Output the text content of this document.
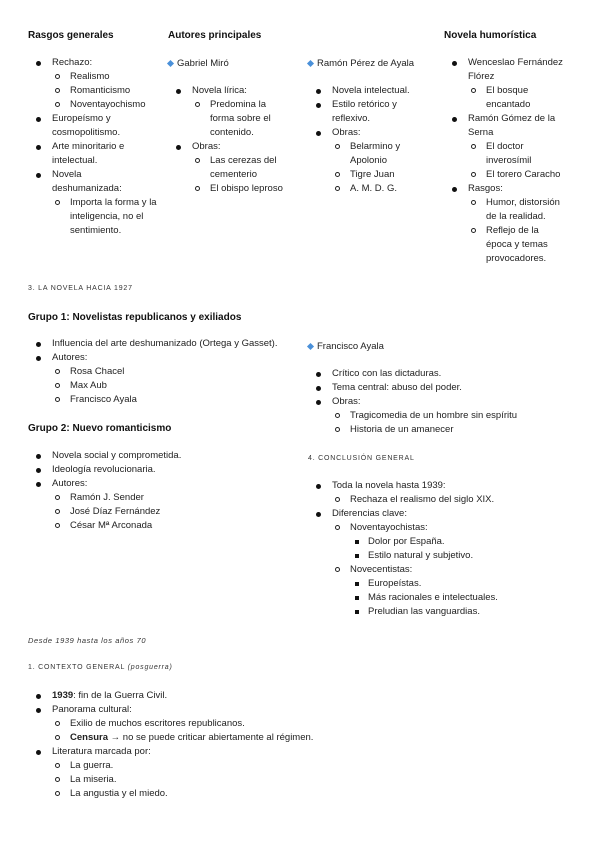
Rasgos generales	Autores principales	Novela humorística
Rechazo:
Realismo
Romanticismo
Noventayochismo
Europeísmo y cosmopolitismo.
Arte minoritario e intelectual.
Novela deshumanizada:
Importa la forma y la inteligencia, no el sentimiento.
Gabriel Miró
Novela lírica:
Predomina la forma sobre el contenido.
Obras:
Las cerezas del cementerio
El obispo leproso
Ramón Pérez de Ayala
Novela intelectual.
Estilo retórico y reflexivo.
Obras:
Belarmino y Apolonio
Tigre Juan
A. M. D. G.
Wenceslao Fernández Flórez
El bosque encantado
Ramón Gómez de la Serna
El doctor inverosímil
El torero Caracho
Rasgos:
Humor, distorsión de la realidad.
Reflejo de la época y temas provocadores.
3. LA NOVELA HACIA 1927
Grupo 1: Novelistas republicanos y exiliados
Influencia del arte deshumanizado (Ortega y Gasset).
Autores:
Rosa Chacel
Max Aub
Francisco Ayala
Grupo 2: Nuevo romanticismo
Novela social y comprometida.
Ideología revolucionaria.
Autores:
Ramón J. Sender
José Díaz Fernández
César Mª Arconada
Francisco Ayala
Crítico con las dictaduras.
Tema central: abuso del poder.
Obras:
Tragicomedia de un hombre sin espíritu
Historia de un amanecer
4. CONCLUSIÓN GENERAL
Toda la novela hasta 1939:
Rechaza el realismo del siglo XIX.
Diferencias clave:
Noventayochistas:
Dolor por España.
Estilo natural y subjetivo.
Novecentistas:
Europeístas.
Más racionales e intelectuales.
Preludian las vanguardias.
Desde 1939 hasta los años 70
1. CONTEXTO GENERAL (posguerra)
1939: fin de la Guerra Civil.
Panorama cultural:
Exilio de muchos escritores republicanos.
Censura → no se puede criticar abiertamente al régimen.
Literatura marcada por:
La guerra.
La miseria.
La angustia y el miedo.
